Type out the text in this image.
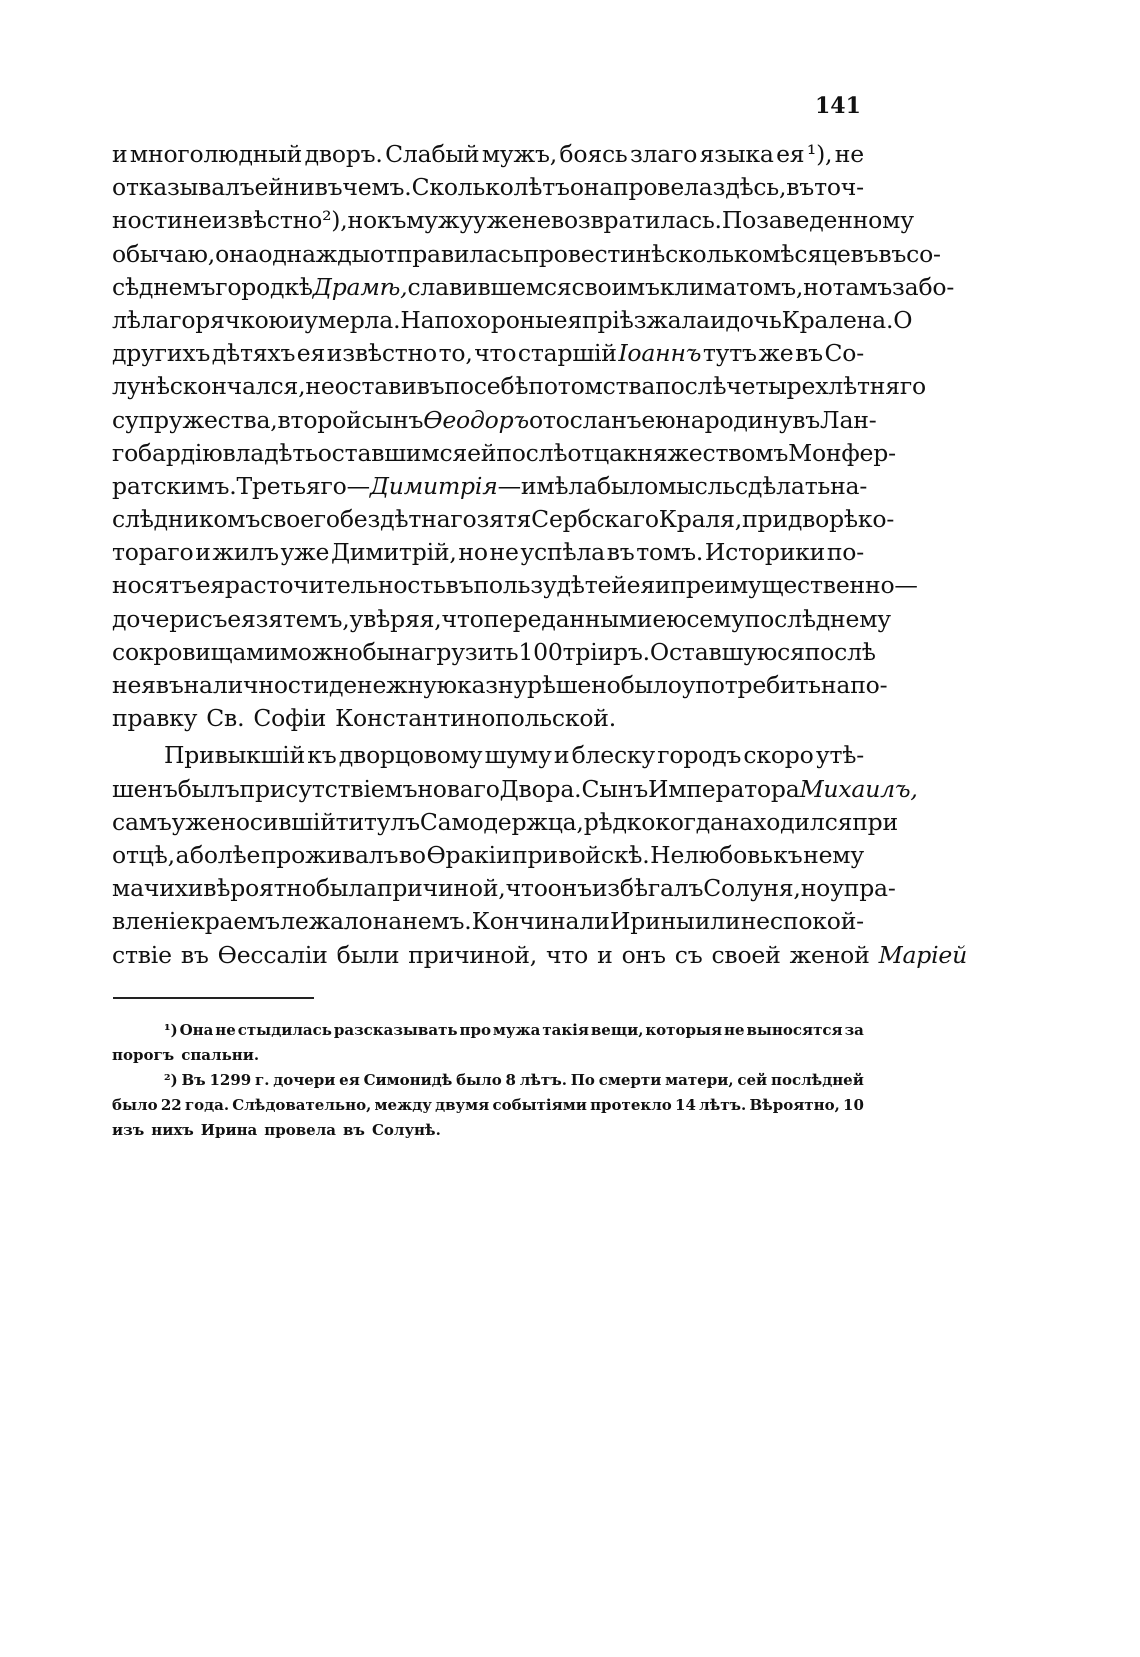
141
и многолюдный дворъ. Слабый мужъ, боясь злаго языка ея ¹), не
отказывалъ ей ни въ чемъ. Сколько лѣтъ она провела здѣсь, въ точ-
ности неизвѣстно ²), но къ мужу уже не возвратилась. По заведенному
обычаю, она однажды отправилась провести нѣсколько мѣсяцевъ въ со-
сѣднемъ городкѣ Драмѣ, славившемся своимъ климатомъ, но тамъ забо-
лѣла горячкою и умерла. На похороны ея пріѣзжала и дочь Кралена. О
другихъ дѣтяхъ ея извѣстно то, что старшій Іоаннъ тутъ же въ Со-
лунѣ скончался, не оставивъ по себѣ потомства послѣ четырехлѣтняго
супружества, второй сынъ Ѳеодоръ отосланъ ею на родину въ Лан-
гобардію владѣть оставшимся ей послѣ отца княжествомъ Монфер-
ратскимъ. Третьяго — Димитрія — имѣла было мысль сдѣлать на-
слѣдникомъ своего бездѣтнаго зятя Сербскаго Краля, при дворѣ ко-
тораго и жилъ уже Димитрій, но не успѣла въ томъ. Историки по-
носятъ ея расточительность въ пользу дѣтей ея и преимущественно—
дочери съ ея зятемъ, увѣряя, что переданными ею сему послѣднему
сокровищами можно бы нагрузить 100 тріиръ. Оставшуюся послѣ
нея въ наличности денежную казну рѣшено было употребить на по-
правку Св. Софіи Константинопольской.
Привыкшій къ дворцовому шуму и блеску городъ скоро утѣ-
шенъ былъ присутствіемъ новаго Двора. Сынъ Императора Михаилъ,
самъ уже носившій титулъ Самодержца, рѣдко когда находился при
отцѣ, а болѣе проживалъ во Ѳракіи при войскѣ. Нелюбовь къ нему
мачихи вѣроятно была причиной, что онъ избѣгалъ Солуня, но упра-
вленіе краемъ лежало на немъ. Кончина ли Ирины или неспокой-
ствіе въ Ѳессаліи были причиной, что и онъ съ своей женой Маріей
¹) Она не стыдилась разсказывать про мужа такія вещи, которыя не выносятся за
порогъ спальни.
²) Въ 1299 г. дочери ея Симонидѣ было 8 лѣтъ. По смерти матери, сей послѣдней
было 22 года. Слѣдовательно, между двумя событіями протекло 14 лѣтъ. Вѣроятно, 10
изъ нихъ Ирина провела въ Солунѣ.
